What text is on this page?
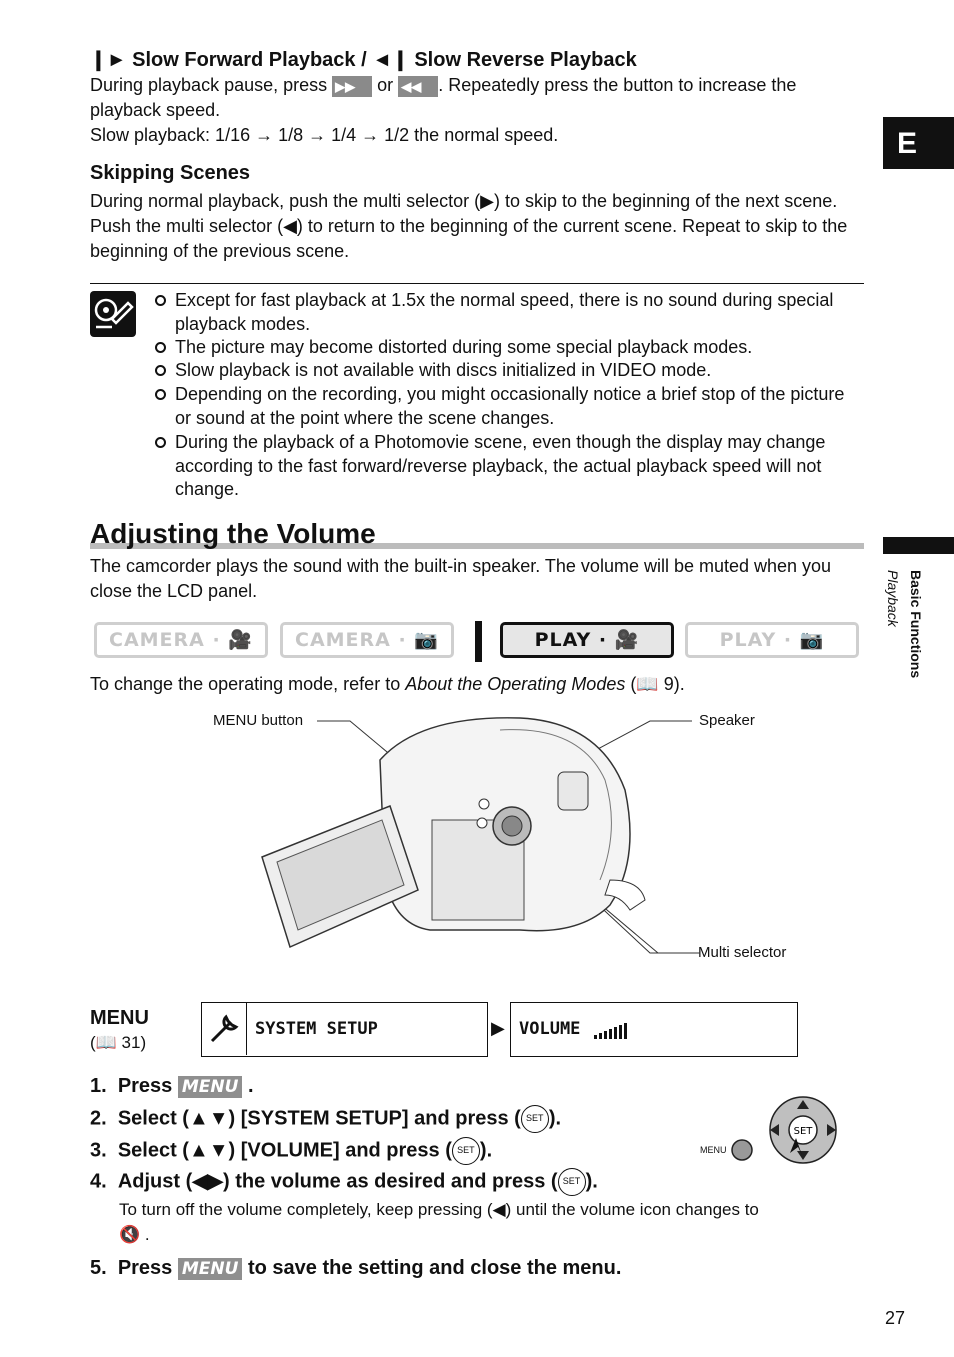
E
Basic Functions
Playback
❙► Slow Forward Playback / ◄❙ Slow Reverse Playback
During playback pause, press ▶▶ or ◀◀ . Repeatedly press the button to increase the
playback speed.
Slow playback: 1/16 → 1/8 → 1/4 → 1/2 the normal speed.
Skipping Scenes

During normal playback, push the multi selector (▶) to skip to the beginning of the next scene. Push the multi selector (◀) to return to the beginning of the current scene. Repeat to skip to the beginning of the previous scene.

Except for fast playback at 1.5x the normal speed, there is no sound during special playback modes.
The picture may become distorted during some special playback modes.
Slow playback is not available with discs initialized in VIDEO mode.
Depending on the recording, you might occasionally notice a brief stop of the picture or sound at the point where the scene changes.
During the playback of a Photomovie scene, even though the display may change according to the fast forward/reverse playback, the actual playback speed will not change.
Adjusting the Volume

The camcorder plays the sound with the built-in speaker. The volume will be muted when you close the LCD panel.

CAMERA · 🎥	CAMERA · 📷	PLAY · 🎥	PLAY · 📷

To change the operating mode, refer to About the Operating Modes (📖 9).

MENU button	Speaker
Multi selector
MENU
(📖 31)
SYSTEM SETUP	▶ VOLUME
1. Press MENU .
2. Select (▲▼) [SYSTEM SETUP] and press ( SET ).
3. Select (▲▼) [VOLUME] and press ( SET ).
4. Adjust (◀▶) the volume as desired and press ( SET ).
To turn off the volume completely, keep pressing (◀) until the volume icon changes to
🔇 .
5. Press MENU to save the setting and close the menu.
MENU
SET
27
